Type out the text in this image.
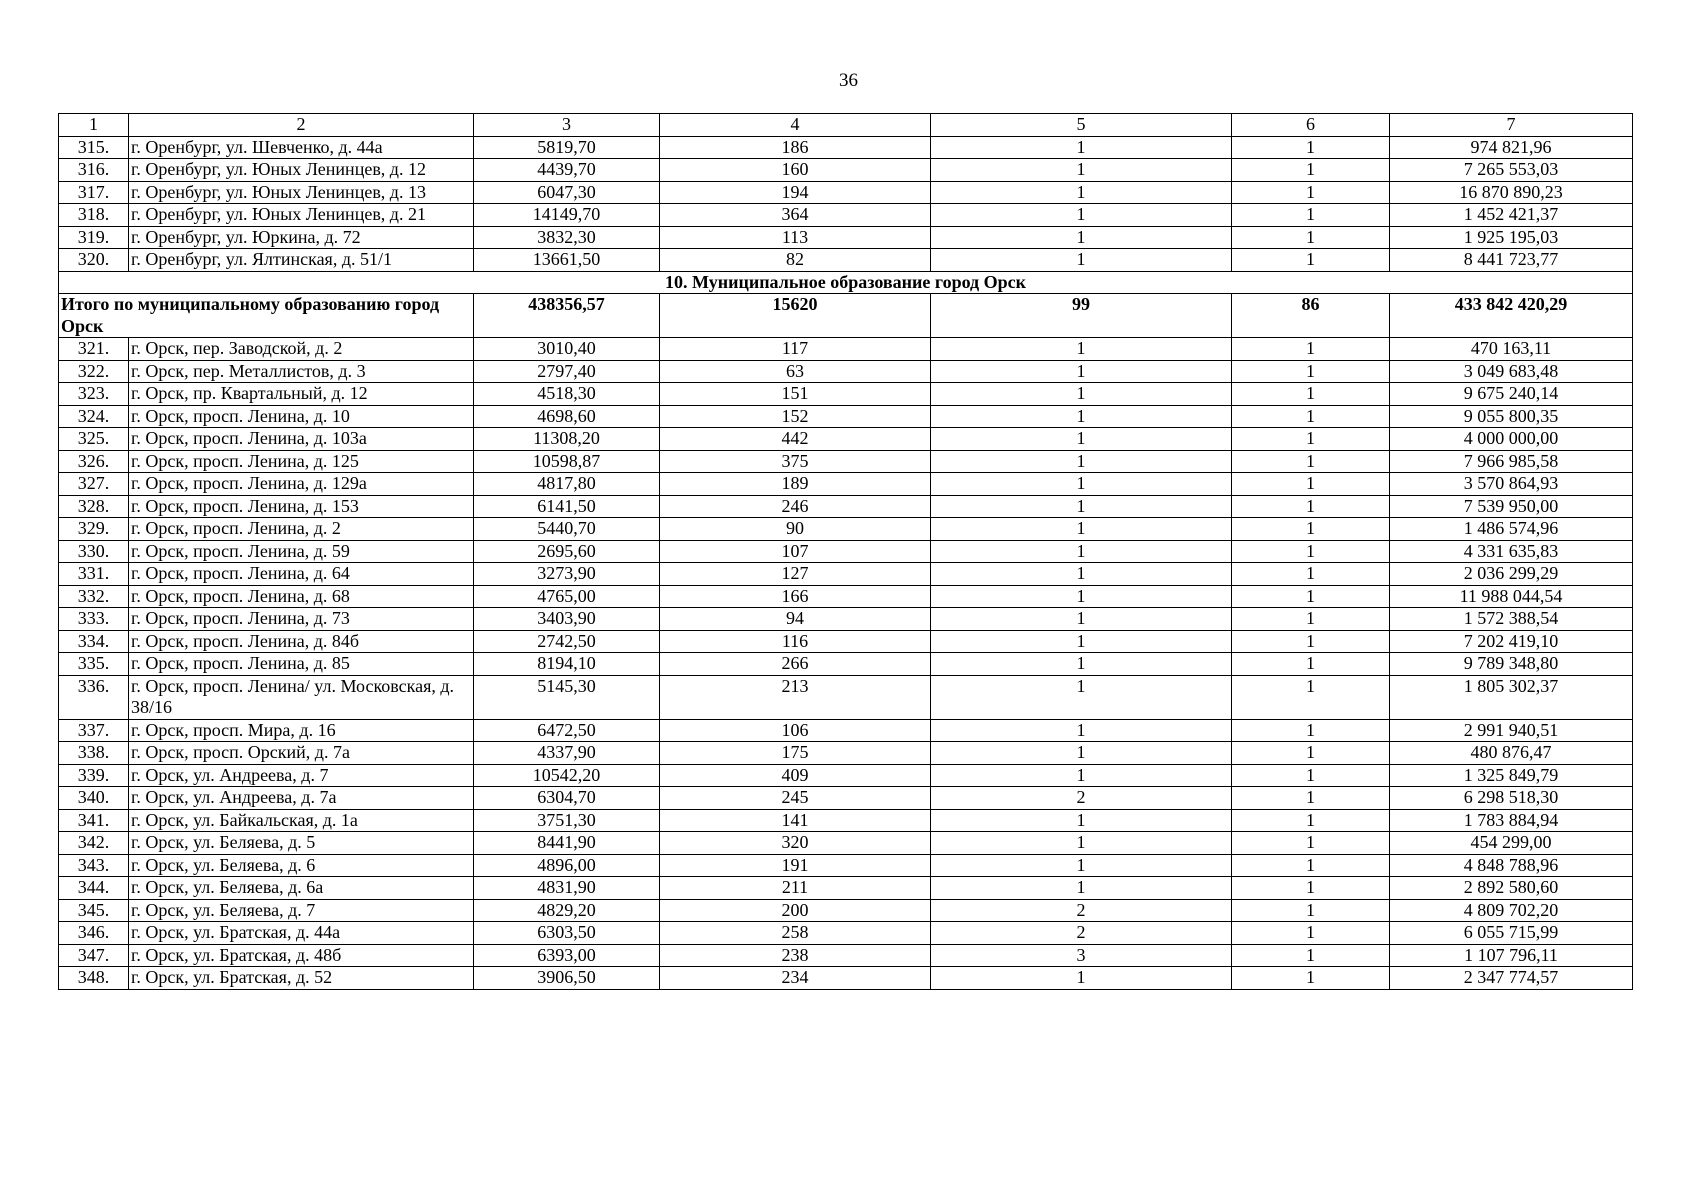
36
1	2	3	4	5	6	7
315.	г. Оренбург, ул. Шевченко, д. 44а	5819,70	186	1	1	974 821,96
316.	г. Оренбург, ул. Юных Ленинцев, д. 12	4439,70	160	1	1	7 265 553,03
317.	г. Оренбург, ул. Юных Ленинцев, д. 13	6047,30	194	1	1	16 870 890,23
318.	г. Оренбург, ул. Юных Ленинцев, д. 21	14149,70	364	1	1	1 452 421,37
319.	г. Оренбург, ул. Юркина, д. 72	3832,30	113	1	1	1 925 195,03
320.	г. Оренбург, ул. Ялтинская, д. 51/1	13661,50	82	1	1	8 441 723,77
10. Муниципальное образование город Орск						
Итого по муниципальному образованию город Орск		438356,57	15620	99	86	433 842 420,29
321.	г. Орск, пер. Заводской, д. 2	3010,40	117	1	1	470 163,11
322.	г. Орск, пер. Металлистов, д. 3	2797,40	63	1	1	3 049 683,48
323.	г. Орск, пр. Квартальный, д. 12	4518,30	151	1	1	9 675 240,14
324.	г. Орск, просп. Ленина, д. 10	4698,60	152	1	1	9 055 800,35
325.	г. Орск, просп. Ленина, д. 103а	11308,20	442	1	1	4 000 000,00
326.	г. Орск, просп. Ленина, д. 125	10598,87	375	1	1	7 966 985,58
327.	г. Орск, просп. Ленина, д. 129а	4817,80	189	1	1	3 570 864,93
328.	г. Орск, просп. Ленина, д. 153	6141,50	246	1	1	7 539 950,00
329.	г. Орск, просп. Ленина, д. 2	5440,70	90	1	1	1 486 574,96
330.	г. Орск, просп. Ленина, д. 59	2695,60	107	1	1	4 331 635,83
331.	г. Орск, просп. Ленина, д. 64	3273,90	127	1	1	2 036 299,29
332.	г. Орск, просп. Ленина, д. 68	4765,00	166	1	1	11 988 044,54
333.	г. Орск, просп. Ленина, д. 73	3403,90	94	1	1	1 572 388,54
334.	г. Орск, просп. Ленина, д. 84б	2742,50	116	1	1	7 202 419,10
335.	г. Орск, просп. Ленина, д. 85	8194,10	266	1	1	9 789 348,80
336.	г. Орск, просп. Ленина/ ул. Московская, д. 38/16	5145,30	213	1	1	1 805 302,37
337.	г. Орск, просп. Мира, д. 16	6472,50	106	1	1	2 991 940,51
338.	г. Орск, просп. Орский, д. 7а	4337,90	175	1	1	480 876,47
339.	г. Орск, ул. Андреева, д. 7	10542,20	409	1	1	1 325 849,79
340.	г. Орск, ул. Андреева, д. 7а	6304,70	245	2	1	6 298 518,30
341.	г. Орск, ул. Байкальская, д. 1а	3751,30	141	1	1	1 783 884,94
342.	г. Орск, ул. Беляева, д. 5	8441,90	320	1	1	454 299,00
343.	г. Орск, ул. Беляева, д. 6	4896,00	191	1	1	4 848 788,96
344.	г. Орск, ул. Беляева, д. 6а	4831,90	211	1	1	2 892 580,60
345.	г. Орск, ул. Беляева, д. 7	4829,20	200	2	1	4 809 702,20
346.	г. Орск, ул. Братская, д. 44а	6303,50	258	2	1	6 055 715,99
347.	г. Орск, ул. Братская, д. 48б	6393,00	238	3	1	1 107 796,11
348.	г. Орск, ул. Братская, д. 52	3906,50	234	1	1	2 347 774,57
